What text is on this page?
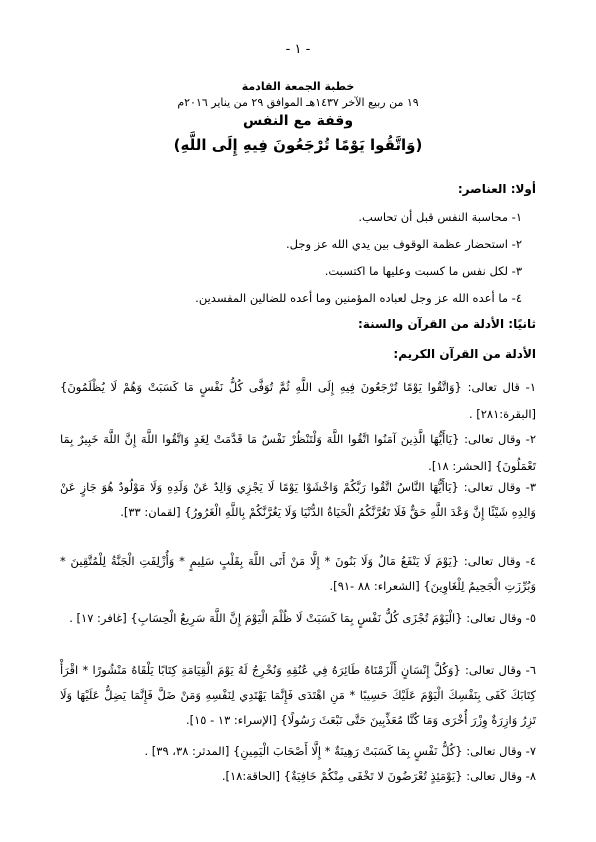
- ١ -
خطبة الجمعة القادمة
١٩ من ربيع الآخر ١٤٣٧هـ الموافق ٢٩ من يناير ٢٠١٦م
وقفة مع النفس
(وَاتَّقُوا يَوْمًا تُرْجَعُونَ فِيهِ إِلَى اللَّهِ)
أولا: العناصر:
١- محاسبة النفس قبل أن تحاسب.
٢- استحضار عظمة الوقوف بين يدي الله عز وجل.
٣- لكل نفس ما كسبت وعليها ما اكتسبت.
٤- ما أعده الله عز وجل لعباده المؤمنين وما أعده للضالين المفسدين.
ثانيًا: الأدلة من القرآن والسنة:
الأدلة من القرآن الكريم:
١- قال تعالى: {وَاتَّقُوا يَوْمًا تُرْجَعُونَ فِيهِ إِلَى اللَّهِ ثُمَّ تُوَفَّى كُلُّ نَفْسٍ مَا كَسَبَتْ وَهُمْ لَا يُظْلَمُونَ} [البقرة:٢٨١] .
٢- وقال تعالى: {يَاأَيُّهَا الَّذِينَ آمَنُوا اتَّقُوا اللَّهَ وَلْتَنْظُرْ نَفْسٌ مَا قَدَّمَتْ لِغَدٍ وَاتَّقُوا اللَّهَ إِنَّ اللَّهَ خَبِيرٌ بِمَا تَعْمَلُونَ} [الحشر: ١٨].
٣- وقال تعالى: {يَاأَيُّهَا النَّاسُ اتَّقُوا رَبَّكُمْ وَاخْشَوْا يَوْمًا لَا يَجْزِي وَالِدٌ عَنْ وَلَدِهِ وَلَا مَوْلُودٌ هُوَ جَازٍ عَنْ وَالِدِهِ شَيْئًا إِنَّ وَعْدَ اللَّهِ حَقٌّ فَلَا تَغُرَّنَّكُمُ الْحَيَاةُ الدُّنْيَا وَلَا يَغُرَّنَّكُمْ بِاللَّهِ الْغَرُورُ} [لقمان: ٣٣].
٤- وقال تعالى: {يَوْمَ لَا يَنْفَعُ مَالٌ وَلَا بَنُونَ * إِلَّا مَنْ أَتَى اللَّهَ بِقَلْبٍ سَلِيمٍ * وَأُزْلِفَتِ الْجَنَّةُ لِلْمُتَّقِينَ * وَبُرِّزَتِ الْجَحِيمُ لِلْغَاوِينَ} [الشعراء: ٨٨ -٩١].
٥- وقال تعالى: {الْيَوْمَ تُجْزَى كُلُّ نَفْسٍ بِمَا كَسَبَتْ لَا ظُلْمَ الْيَوْمَ إِنَّ اللَّهَ سَرِيعُ الْحِسَابِ} [غافر: ١٧] .
٦- وقال تعالى: {وَكُلَّ إِنْسَانٍ أَلْزَمْنَاهُ طَائِرَهُ فِي عُنُقِهِ وَنُخْرِجُ لَهُ يَوْمَ الْقِيَامَةِ كِتَابًا يَلْقَاهُ مَنْشُورًا * اقْرَأْ كِتَابَكَ كَفَى بِنَفْسِكَ الْيَوْمَ عَلَيْكَ حَسِيبًا * مَنِ اهْتَدَى فَإِنَّمَا يَهْتَدِي لِنَفْسِهِ وَمَنْ ضَلَّ فَإِنَّمَا يَضِلُّ عَلَيْهَا وَلَا تَزِرُ وَازِرَةٌ وِزْرَ أُخْرَى وَمَا كُنَّا مُعَذِّبِينَ حَتَّى نَبْعَثَ رَسُولًا} [الإسراء: ١٣ - ١٥].
٧- وقال تعالى: {كُلُّ نَفْسٍ بِمَا كَسَبَتْ رَهِينَةٌ * إِلَّا أَصْحَابَ الْيَمِينِ} [المدثر: ٣٨، ٣٩] .
٨- وقال تعالى: {يَوْمَئِذٍ تُعْرَضُونَ لا تَخْفَى مِنْكُمْ خَافِيَةٌ} [الحاقة:١٨].
